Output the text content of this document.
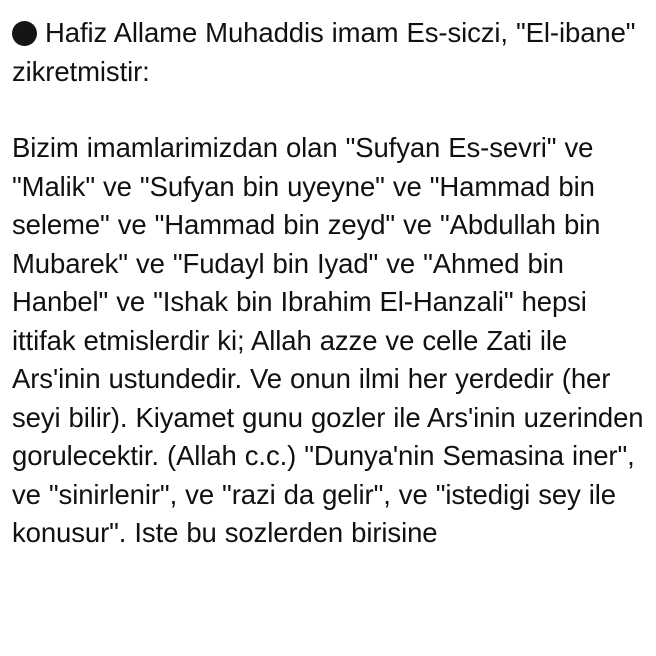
Hafiz Allame Muhaddis imam Es-siczi, "El-ibane" zikretmistir:

Bizim imamlarimizdan olan "Sufyan Es-sevri" ve "Malik" ve "Sufyan bin uyeyne" ve "Hammad bin seleme" ve "Hammad bin zeyd" ve "Abdullah bin Mubarek" ve "Fudayl bin Iyad" ve "Ahmed bin Hanbel" ve "Ishak bin Ibrahim El-Hanzali" hepsi ittifak etmislerdir ki; Allah azze ve celle Zati ile Ars'inin ustundedir. Ve onun ilmi her yerdedir (her seyi bilir). Kiyamet gunu gozler ile Ars'inin uzerinden gorulecektir. (Allah c.c.) "Dunya'nin Semasina iner", ve "sinirlenir", ve "razi da gelir", ve "istedigi sey ile

konusur". Iste bu sozlerden birisine
